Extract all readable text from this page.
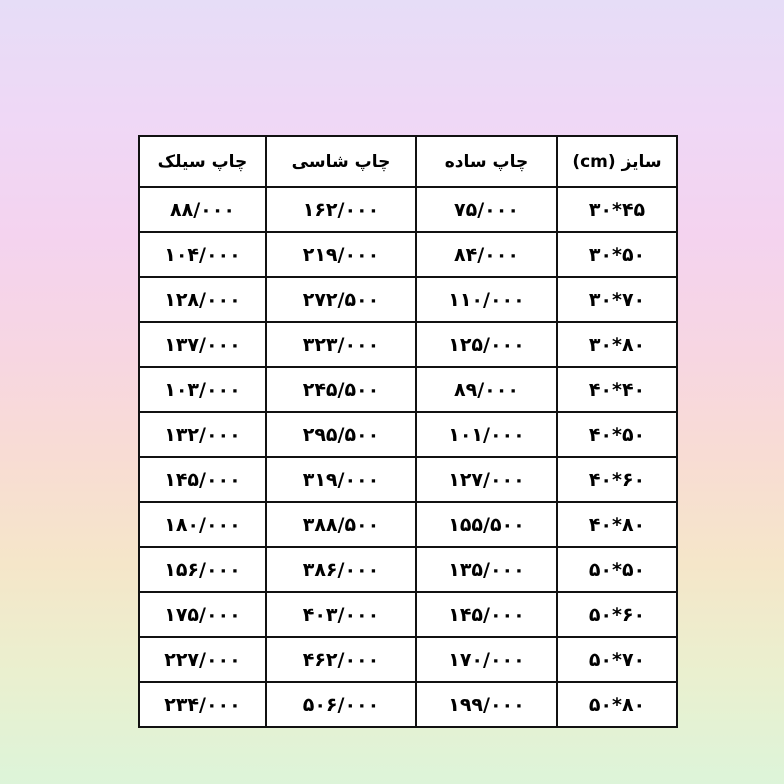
چاپ سیلک	چاپ شاسی	چاپ ساده	سایز (cm)
۸۸/۰۰۰	۱۶۲/۰۰۰	۷۵/۰۰۰	۳۰*۴۵
۱۰۴/۰۰۰	۲۱۹/۰۰۰	۸۴/۰۰۰	۳۰*۵۰
۱۲۸/۰۰۰	۲۷۲/۵۰۰	۱۱۰/۰۰۰	۳۰*۷۰
۱۳۷/۰۰۰	۳۲۳/۰۰۰	۱۲۵/۰۰۰	۳۰*۸۰
۱۰۳/۰۰۰	۲۴۵/۵۰۰	۸۹/۰۰۰	۴۰*۴۰
۱۳۲/۰۰۰	۲۹۵/۵۰۰	۱۰۱/۰۰۰	۴۰*۵۰
۱۴۵/۰۰۰	۳۱۹/۰۰۰	۱۲۷/۰۰۰	۴۰*۶۰
۱۸۰/۰۰۰	۳۸۸/۵۰۰	۱۵۵/۵۰۰	۴۰*۸۰
۱۵۶/۰۰۰	۳۸۶/۰۰۰	۱۳۵/۰۰۰	۵۰*۵۰
۱۷۵/۰۰۰	۴۰۳/۰۰۰	۱۴۵/۰۰۰	۵۰*۶۰
۲۲۷/۰۰۰	۴۶۲/۰۰۰	۱۷۰/۰۰۰	۵۰*۷۰
۲۳۴/۰۰۰	۵۰۶/۰۰۰	۱۹۹/۰۰۰	۵۰*۸۰
